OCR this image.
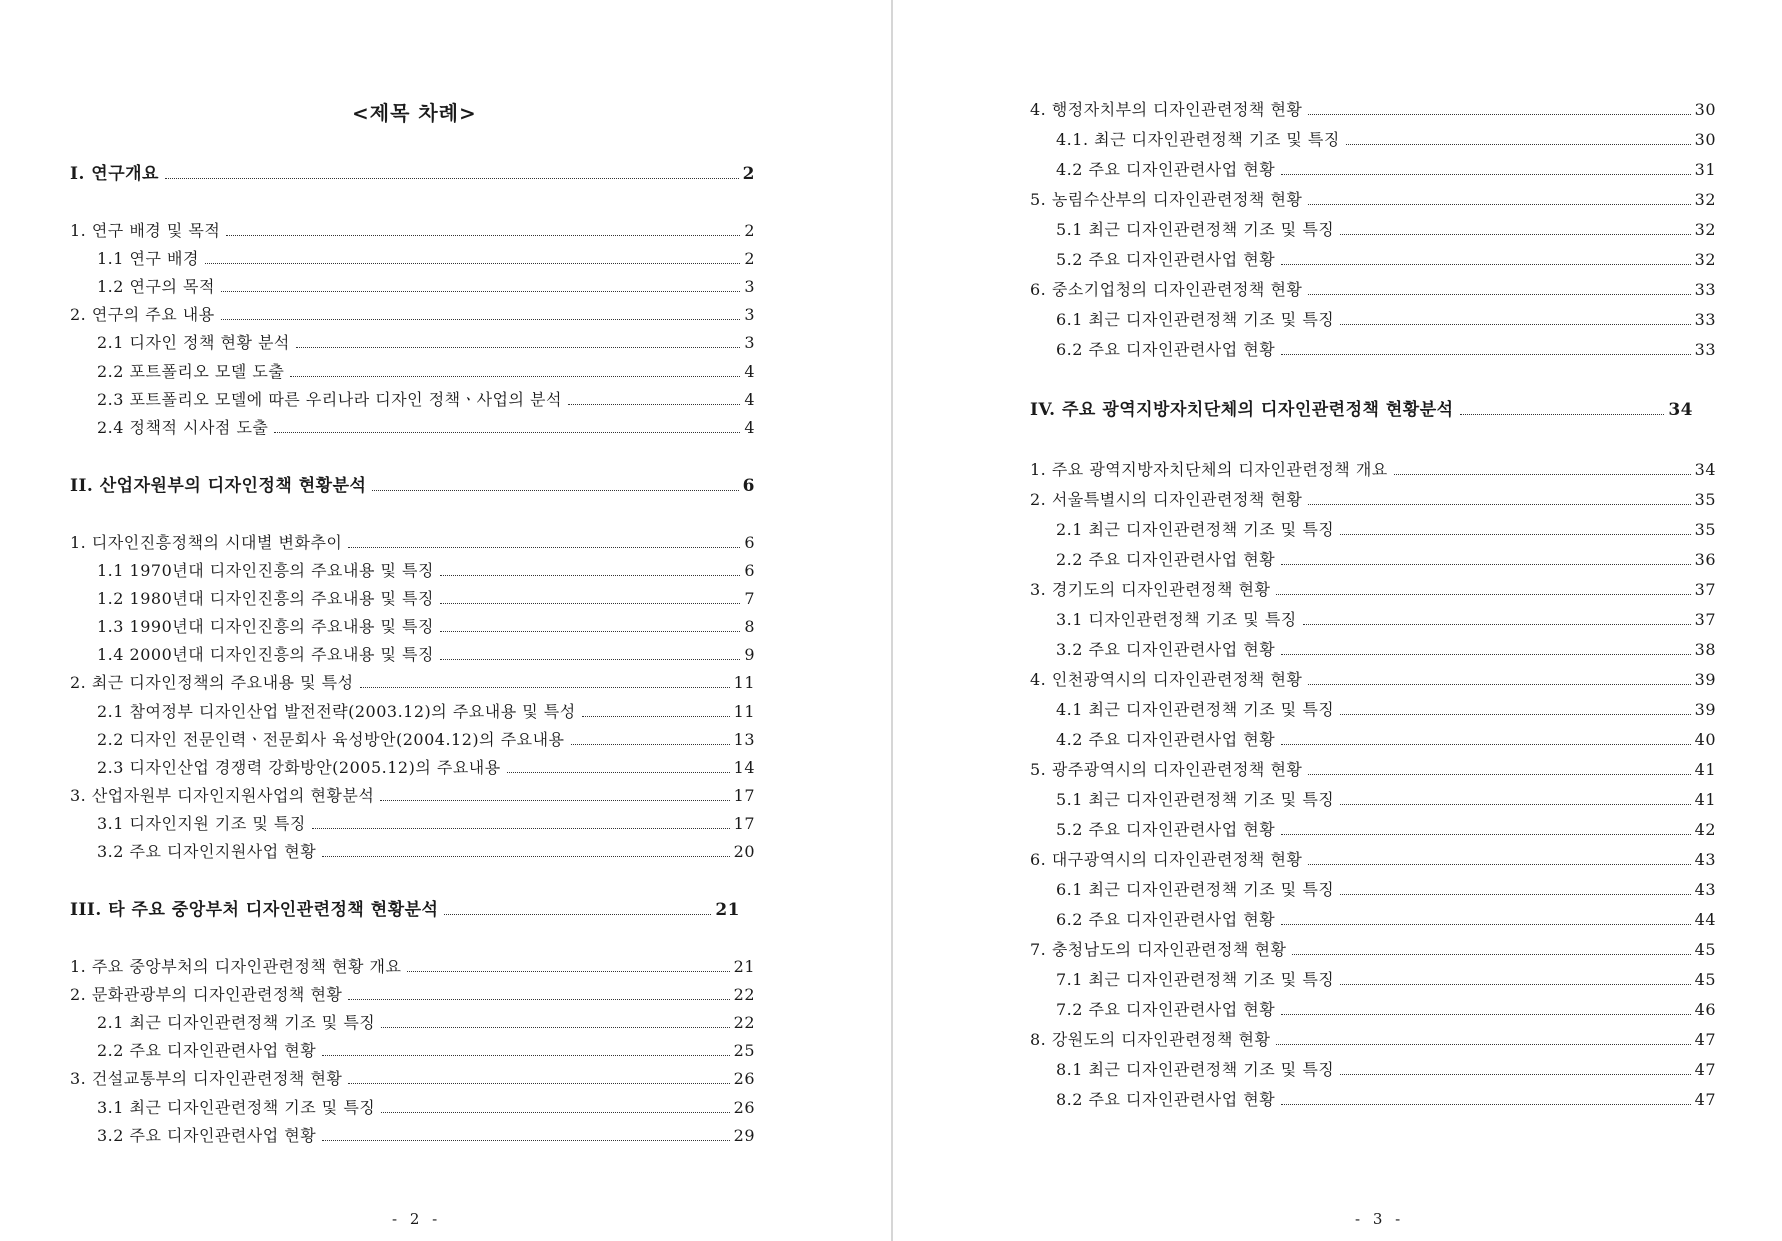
<제목 차례>
I. 연구개요	2
1. 연구 배경 및 목적	2
1.1 연구 배경	2
1.2 연구의 목적	3
2. 연구의 주요 내용	3
2.1 디자인 정책 현황 분석	3
2.2 포트폴리오 모델 도출	4
2.3 포트폴리오 모델에 따른 우리나라 디자인 정책ㆍ사업의 분석	4
2.4 정책적 시사점 도출	4
II. 산업자원부의 디자인정책 현황분석	6
1. 디자인진흥정책의 시대별 변화추이	6
1.1 1970년대 디자인진흥의 주요내용 및 특징	6
1.2 1980년대 디자인진흥의 주요내용 및 특징	7
1.3 1990년대 디자인진흥의 주요내용 및 특징	8
1.4 2000년대 디자인진흥의 주요내용 및 특징	9
2. 최근 디자인정책의 주요내용 및 특성	11
2.1 참여정부 디자인산업 발전전략(2003.12)의 주요내용 및 특성	11
2.2 디자인 전문인력ㆍ전문회사 육성방안(2004.12)의 주요내용	13
2.3 디자인산업 경쟁력 강화방안(2005.12)의 주요내용	14
3. 산업자원부 디자인지원사업의 현황분석	17
3.1 디자인지원 기조 및 특징	17
3.2 주요 디자인지원사업 현황	20
III. 타 주요 중앙부처 디자인관련정책 현황분석	21
1. 주요 중앙부처의 디자인관련정책 현황 개요	21
2. 문화관광부의 디자인관련정책 현황	22
2.1 최근 디자인관련정책 기조 및 특징	22
2.2 주요 디자인관련사업 현황	25
3. 건설교통부의 디자인관련정책 현황	26
3.1 최근 디자인관련정책 기조 및 특징	26
3.2 주요 디자인관련사업 현황	29
- 2 -
4. 행정자치부의 디자인관련정책 현황	30
4.1. 최근 디자인관련정책 기조 및 특징	30
4.2 주요 디자인관련사업 현황	31
5. 농림수산부의 디자인관련정책 현황	32
5.1 최근 디자인관련정책 기조 및 특징	32
5.2 주요 디자인관련사업 현황	32
6. 중소기업청의 디자인관련정책 현황	33
6.1 최근 디자인관련정책 기조 및 특징	33
6.2 주요 디자인관련사업 현황	33
IV. 주요 광역지방자치단체의 디자인관련정책 현황분석	34
1. 주요 광역지방자치단체의 디자인관련정책 개요	34
2. 서울특별시의 디자인관련정책 현황	35
2.1 최근 디자인관련정책 기조 및 특징	35
2.2 주요 디자인관련사업 현황	36
3. 경기도의 디자인관련정책 현황	37
3.1 디자인관련정책 기조 및 특징	37
3.2 주요 디자인관련사업 현황	38
4. 인천광역시의 디자인관련정책 현황	39
4.1 최근 디자인관련정책 기조 및 특징	39
4.2 주요 디자인관련사업 현황	40
5. 광주광역시의 디자인관련정책 현황	41
5.1 최근 디자인관련정책 기조 및 특징	41
5.2 주요 디자인관련사업 현황	42
6. 대구광역시의 디자인관련정책 현황	43
6.1 최근 디자인관련정책 기조 및 특징	43
6.2 주요 디자인관련사업 현황	44
7. 충청남도의 디자인관련정책 현황	45
7.1 최근 디자인관련정책 기조 및 특징	45
7.2 주요 디자인관련사업 현황	46
8. 강원도의 디자인관련정책 현황	47
8.1 최근 디자인관련정책 기조 및 특징	47
8.2 주요 디자인관련사업 현황	47
- 3 -
